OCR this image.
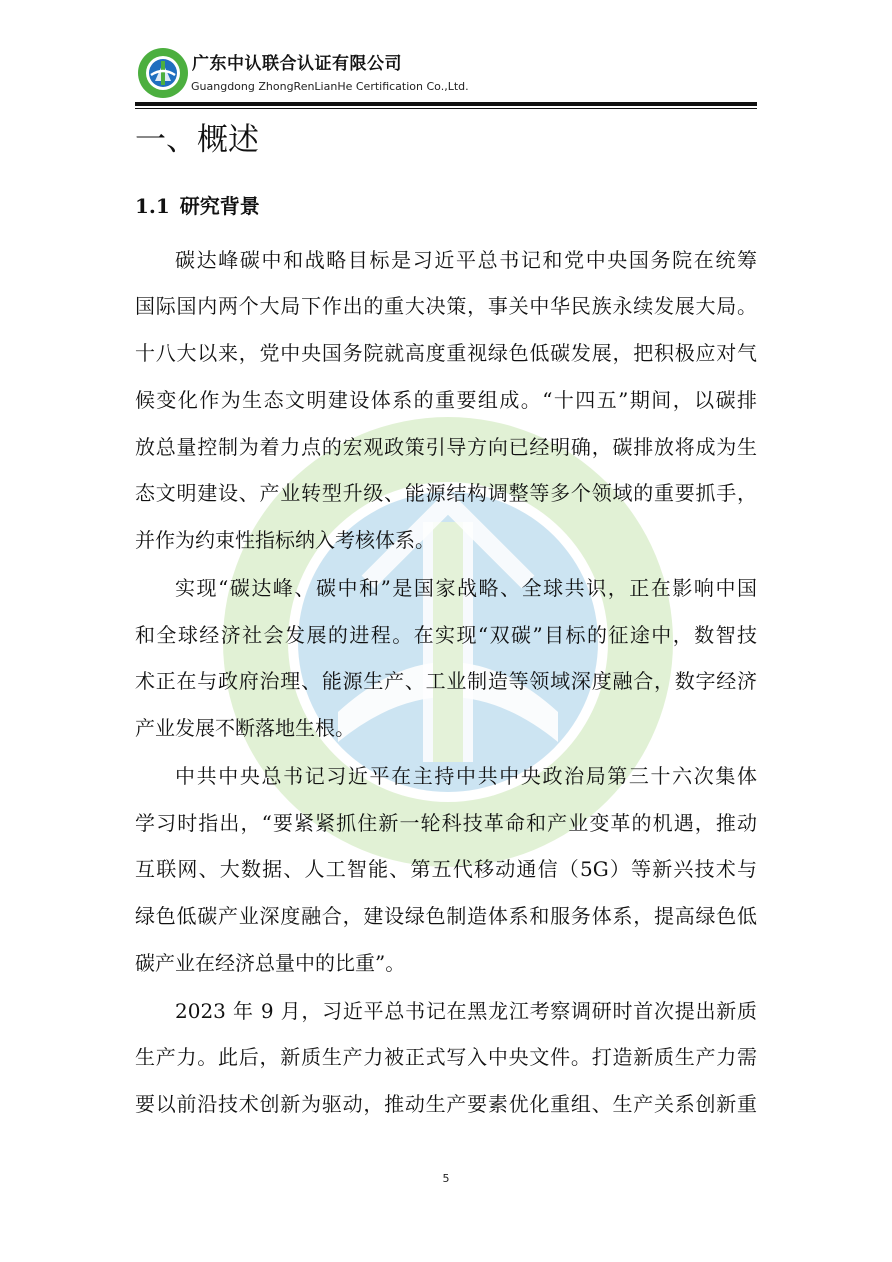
广东中认联合认证有限公司
Guangdong ZhongRenLianHe Certification Co.,Ltd.
一、概述
1.1 研究背景
碳达峰碳中和战略目标是习近平总书记和党中央国务院在统筹
国际国内两个大局下作出的重大决策，事关中华民族永续发展大局。
十八大以来，党中央国务院就高度重视绿色低碳发展，把积极应对气
候变化作为生态文明建设体系的重要组成。“十四五”期间，以碳排
放总量控制为着力点的宏观政策引导方向已经明确，碳排放将成为生
态文明建设、产业转型升级、能源结构调整等多个领域的重要抓手，
并作为约束性指标纳入考核体系。
实现“碳达峰、碳中和”是国家战略、全球共识，正在影响中国
和全球经济社会发展的进程。在实现“双碳”目标的征途中，数智技
术正在与政府治理、能源生产、工业制造等领域深度融合，数字经济
产业发展不断落地生根。
中共中央总书记习近平在主持中共中央政治局第三十六次集体
学习时指出，“要紧紧抓住新一轮科技革命和产业变革的机遇，推动
互联网、大数据、人工智能、第五代移动通信（5G）等新兴技术与
绿色低碳产业深度融合，建设绿色制造体系和服务体系，提高绿色低
碳产业在经济总量中的比重”。
2023 年 9 月，习近平总书记在黑龙江考察调研时首次提出新质
生产力。此后，新质生产力被正式写入中央文件。打造新质生产力需
要以前沿技术创新为驱动，推动生产要素优化重组、生产关系创新重
5
